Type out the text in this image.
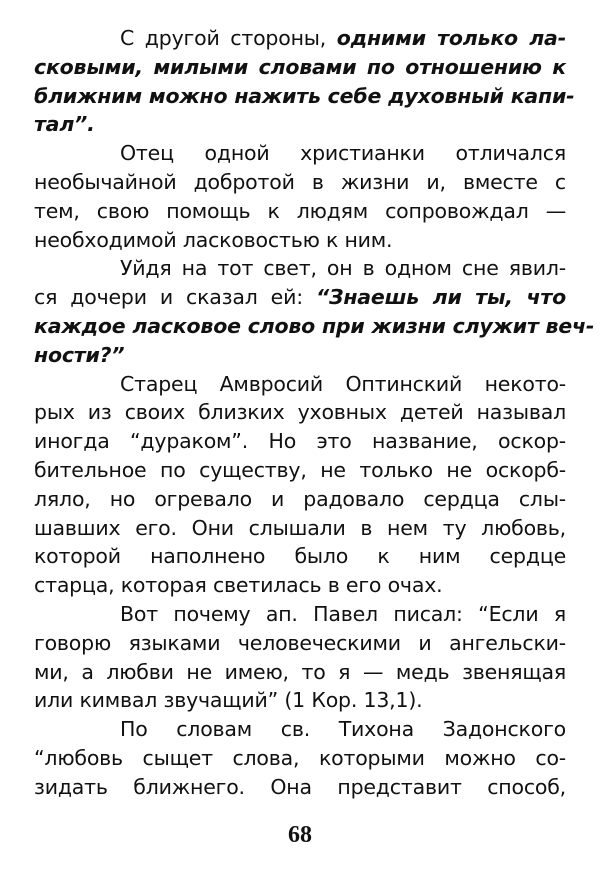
С другой стороны, одними только ла-
сковыми, милыми словами по отношению к
ближним можно нажить себе духовный капи-
тал”.
Отец одной христианки отличался
необычайной добротой в жизни и, вместе с
тем, свою помощь к людям сопровождал —
необходимой ласковостью к ним.
Уйдя на тот свет, он в одном сне явил-
ся дочери и сказал ей: “Знаешь ли ты, что
каждое ласковое слово при жизни служит веч-
ности?”
Старец Амвросий Оптинский некото-
рых из своих близких уховных детей называл
иногда “дураком”. Но это название, оскор-
бительное по существу, не только не оскорб-
ляло, но огревало и радовало сердца слы-
шавших его. Они слышали в нем ту любовь,
которой наполнено было к ним сердце
старца, которая светилась в его очах.
Вот почему ап. Павел писал: “Если я
говорю языками человеческими и ангельски-
ми, а любви не имею, то я — медь звенящая
или кимвал звучащий” (1 Кор. 13,1).
По словам св. Тихона Задонского
“любовь сыщет слова, которыми можно со-
зидать ближнего. Она представит способ,
68
